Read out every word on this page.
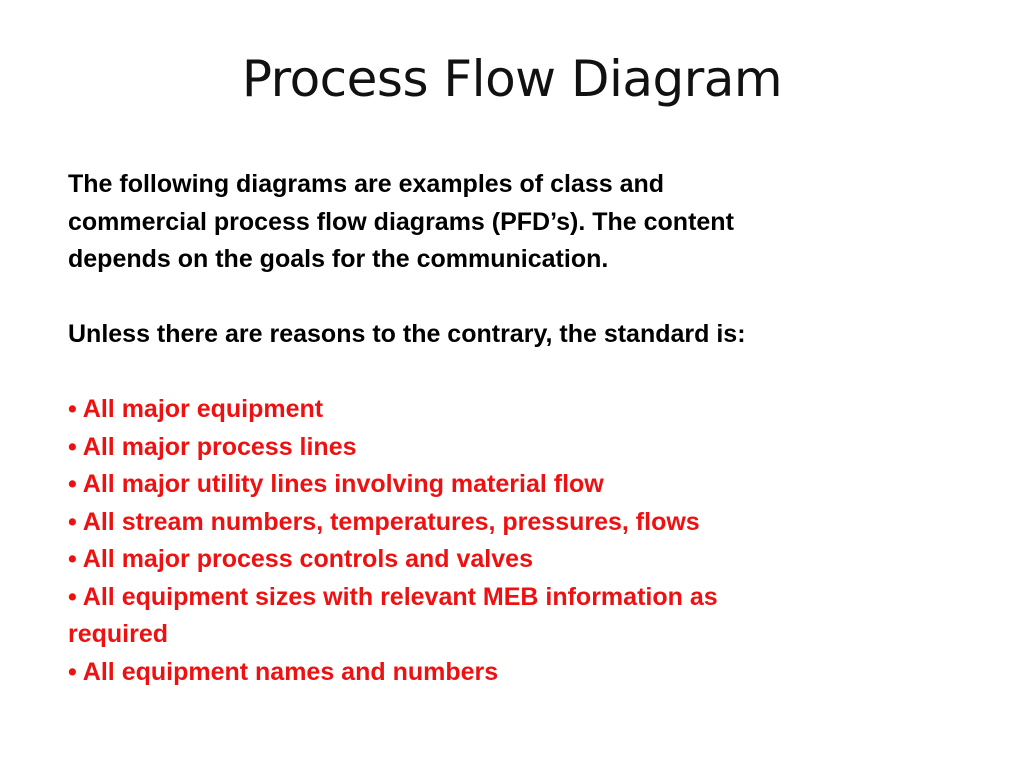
Process Flow Diagram

The following diagrams are examples of class and

commercial process flow diagrams (PFD’s). The content

depends on the goals for the communication.

Unless there are reasons to the contrary, the standard is:

• All major equipment
• All major process lines
• All major utility lines involving material flow
• All stream numbers, temperatures, pressures, flows
• All major process controls and valves
• All equipment sizes with relevant MEB information as
required
• All equipment names and numbers
